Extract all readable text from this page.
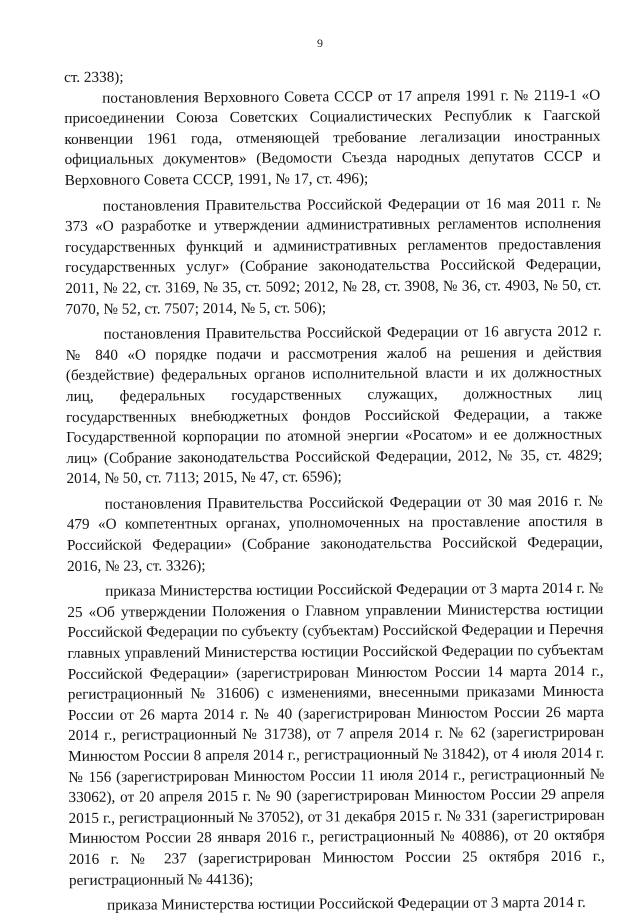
9

ст. 2338);

постановления Верховного Совета СССР от 17 апреля 1991 г. № 2119-1 «О присоединении Союза Советских Социалистических Республик к Гаагской конвенции 1961 года, отменяющей требование легализации иностранных официальных документов» (Ведомости Съезда народных депутатов СССР и Верховного Совета СССР, 1991, № 17, ст. 496);

постановления Правительства Российской Федерации от 16 мая 2011 г. № 373 «О разработке и утверждении административных регламентов исполнения государственных функций и административных регламентов предоставления государственных услуг» (Собрание законодательства Российской Федерации, 2011, № 22, ст. 3169, № 35, ст. 5092; 2012, № 28, ст. 3908, № 36, ст. 4903, № 50, ст. 7070, № 52, ст. 7507; 2014, № 5, ст. 506);

постановления Правительства Российской Федерации от 16 августа 2012 г. № 840 «О порядке подачи и рассмотрения жалоб на решения и действия (бездействие) федеральных органов исполнительной власти и их должностных лиц, федеральных государственных служащих, должностных лиц государственных внебюджетных фондов Российской Федерации, а также Государственной корпорации по атомной энергии «Росатом» и ее должностных лиц» (Собрание законодательства Российской Федерации, 2012, № 35, ст. 4829; 2014, № 50, ст. 7113; 2015, № 47, ст. 6596);

постановления Правительства Российской Федерации от 30 мая 2016 г. № 479 «О компетентных органах, уполномоченных на проставление апостиля в Российской Федерации» (Собрание законодательства Российской Федерации, 2016, № 23, ст. 3326);

приказа Министерства юстиции Российской Федерации от 3 марта 2014 г. № 25 «Об утверждении Положения о Главном управлении Министерства юстиции Российской Федерации по субъекту (субъектам) Российской Федерации и Перечня главных управлений Министерства юстиции Российской Федерации по субъектам Российской Федерации» (зарегистрирован Минюстом России 14 марта 2014 г., регистрационный № 31606) с изменениями, внесенными приказами Минюста России от 26 марта 2014 г. № 40 (зарегистрирован Минюстом России 26 марта 2014 г., регистрационный № 31738), от 7 апреля 2014 г. № 62 (зарегистрирован Минюстом России 8 апреля 2014 г., регистрационный № 31842), от 4 июля 2014 г. № 156 (зарегистрирован Минюстом России 11 июля 2014 г., регистрационный № 33062), от 20 апреля 2015 г. № 90 (зарегистрирован Минюстом России 29 апреля 2015 г., регистрационный № 37052), от 31 декабря 2015 г. № 331 (зарегистрирован Минюстом России 28 января 2016 г., регистрационный № 40886), от 20 октября 2016 г. № 237 (зарегистрирован Минюстом России 25 октября 2016 г., регистрационный № 44136);

приказа Министерства юстиции Российской Федерации от 3 марта 2014 г.
